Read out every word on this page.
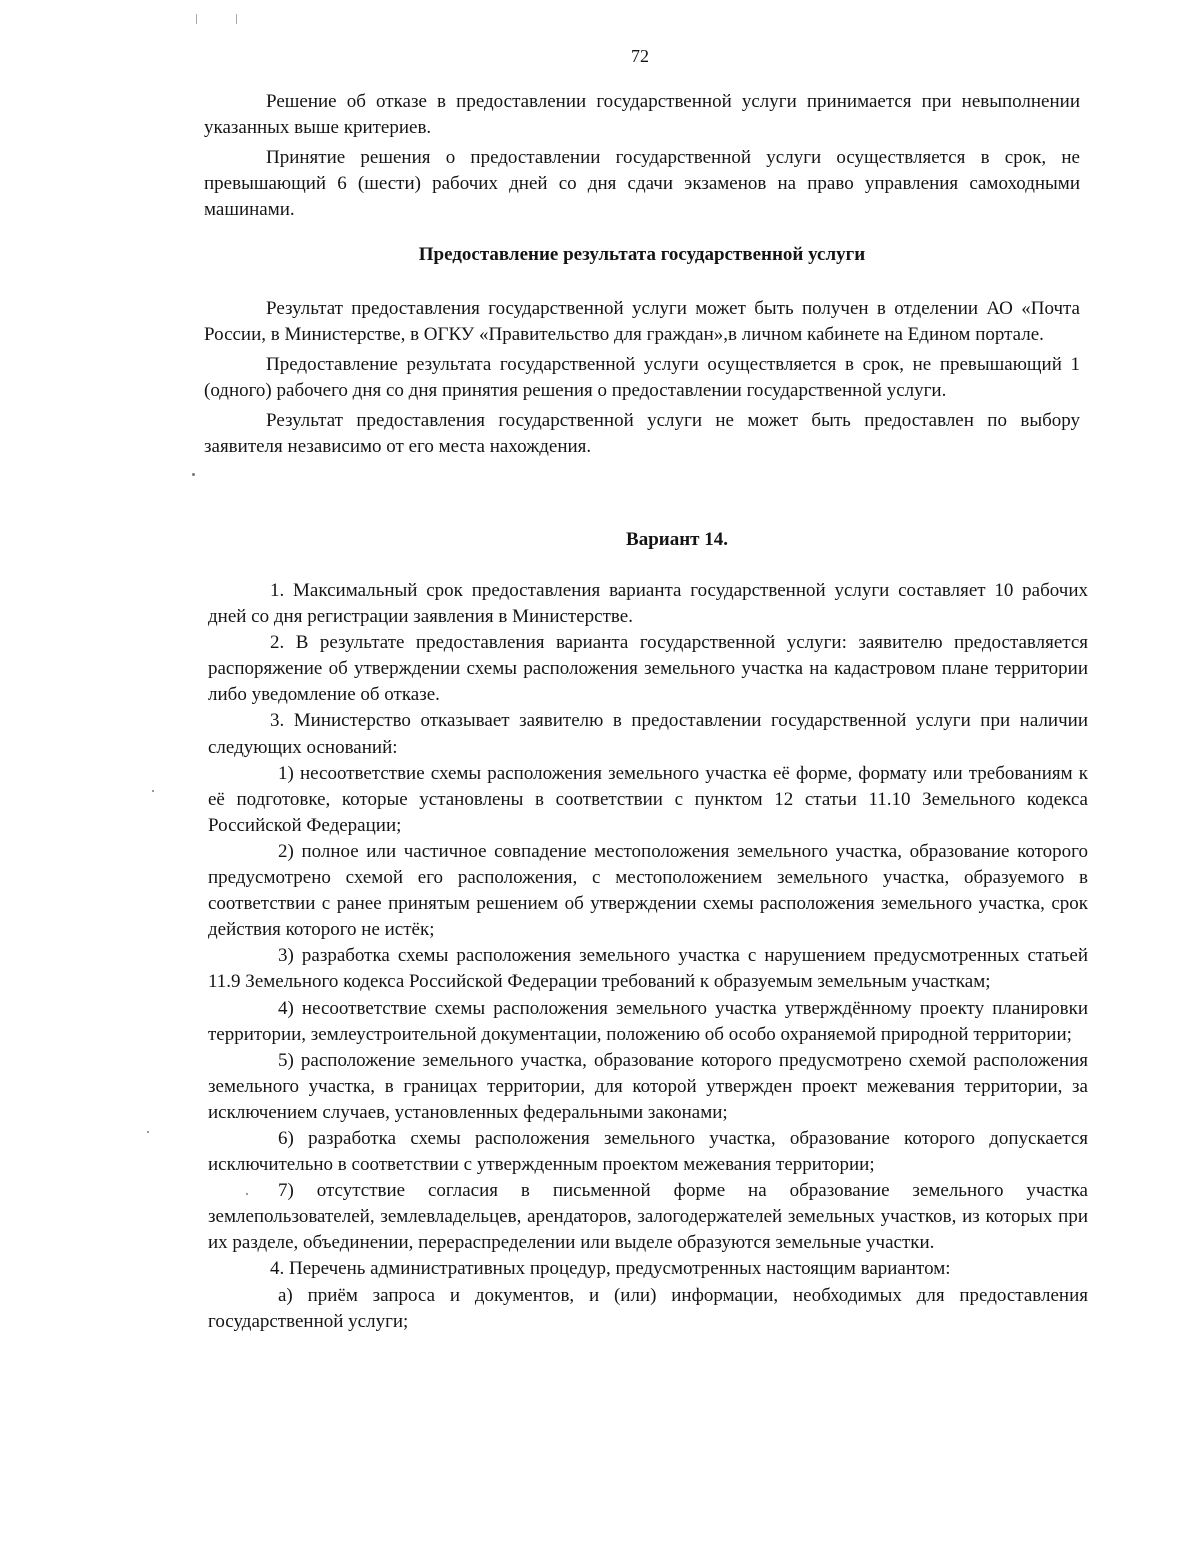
72

Решение об отказе в предоставлении государственной услуги принимается при невыполнении указанных выше критериев.

Принятие решения о предоставлении государственной услуги осуществляется в срок, не превышающий 6 (шести) рабочих дней со дня сдачи экзаменов на право управления самоходными машинами.

Предоставление результата государственной услуги

Результат предоставления государственной услуги может быть получен в отделении АО «Почта России, в Министерстве, в ОГКУ «Правительство для граждан»,в личном кабинете на Едином портале.

Предоставление результата государственной услуги осуществляется в срок, не превышающий 1 (одного) рабочего дня со дня принятия решения о предоставлении государственной услуги.

Результат предоставления государственной услуги не может быть предоставлен по выбору заявителя независимо от его места нахождения.

Вариант 14.

1. Максимальный срок предоставления варианта государственной услуги составляет 10 рабочих дней со дня регистрации заявления в Министерстве.

2. В результате предоставления варианта государственной услуги: заявителю предоставляется распоряжение об утверждении схемы расположения земельного участка на кадастровом плане территории либо уведомление об отказе.

3. Министерство отказывает заявителю в предоставлении государственной услуги при наличии следующих оснований:

1) несоответствие схемы расположения земельного участка её форме, формату или требованиям к её подготовке, которые установлены в соответствии с пунктом 12 статьи 11.10 Земельного кодекса Российской Федерации;

2) полное или частичное совпадение местоположения земельного участка, образование которого предусмотрено схемой его расположения, с местоположением земельного участка, образуемого в соответствии с ранее принятым решением об утверждении схемы расположения земельного участка, срок действия которого не истёк;

3) разработка схемы расположения земельного участка с нарушением предусмотренных статьей 11.9 Земельного кодекса Российской Федерации требований к образуемым земельным участкам;

4) несоответствие схемы расположения земельного участка утверждённому проекту планировки территории, землеустроительной документации, положению об особо охраняемой природной территории;

5) расположение земельного участка, образование которого предусмотрено схемой расположения земельного участка, в границах территории, для которой утвержден проект межевания территории, за исключением случаев, установленных федеральными законами;

6) разработка схемы расположения земельного участка, образование которого допускается исключительно в соответствии с утвержденным проектом межевания территории;

7) отсутствие согласия в письменной форме на образование земельного участка землепользователей, землевладельцев, арендаторов, залогодержателей земельных участков, из которых при их разделе, объединении, перераспределении или выделе образуются земельные участки.

4. Перечень административных процедур, предусмотренных настоящим вариантом:

а) приём запроса и документов, и (или) информации, необходимых для предоставления государственной услуги;
